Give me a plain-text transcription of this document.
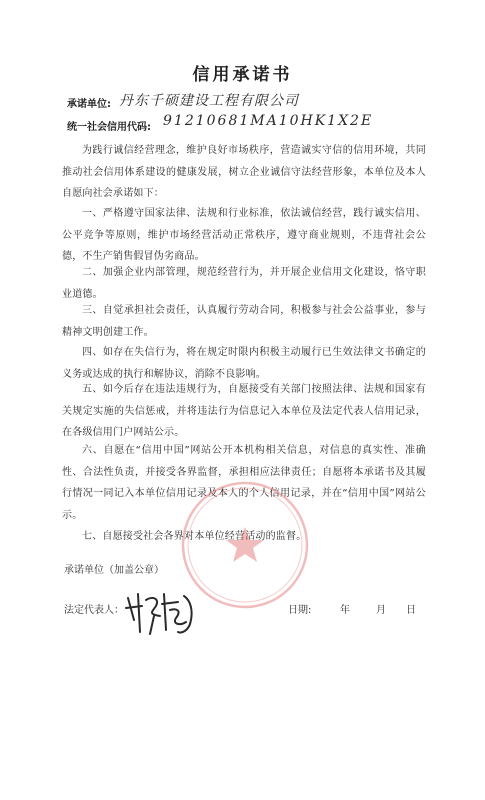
信用承诺书
承诺单位: 丹东千硕建设工程有限公司
统一社会信用代码: 91210681MA10HK1X2E
为践行诚信经营理念，维护良好市场秩序，营造诚实守信的信用环境，共同推动社会信用体系建设的健康发展，树立企业诚信守法经营形象，本单位及本人自愿向社会承诺如下：
一、严格遵守国家法律、法规和行业标准，依法诚信经营，践行诚实信用、公平竞争等原则，维护市场经营活动正常秩序，遵守商业规则，不违背社会公德，不生产销售假冒伪劣商品。
二、加强企业内部管理，规范经营行为，并开展企业信用文化建设，恪守职业道德。
三、自觉承担社会责任，认真履行劳动合同，积极参与社会公益事业，参与精神文明创建工作。
四、如存在失信行为，将在规定时限内积极主动履行已生效法律文书确定的义务或达成的执行和解协议，消除不良影响。
五、如今后存在违法违规行为，自愿接受有关部门按照法律、法规和国家有关规定实施的失信惩戒，并将违法行为信息记入本单位及法定代表人信用记录，在各级信用门户网站公示。
六、自愿在“信用中国”网站公开本机构相关信息，对信息的真实性、准确性、合法性负责，并接受各界监督，承担相应法律责任；自愿将本承诺书及其履行情况一同记入本单位信用记录及本人的个人信用记录，并在“信用中国”网站公示。
七、自愿接受社会各界对本单位经营活动的监督。
承诺单位（加盖公章）
法定代表人：	日期:	年	月 日
